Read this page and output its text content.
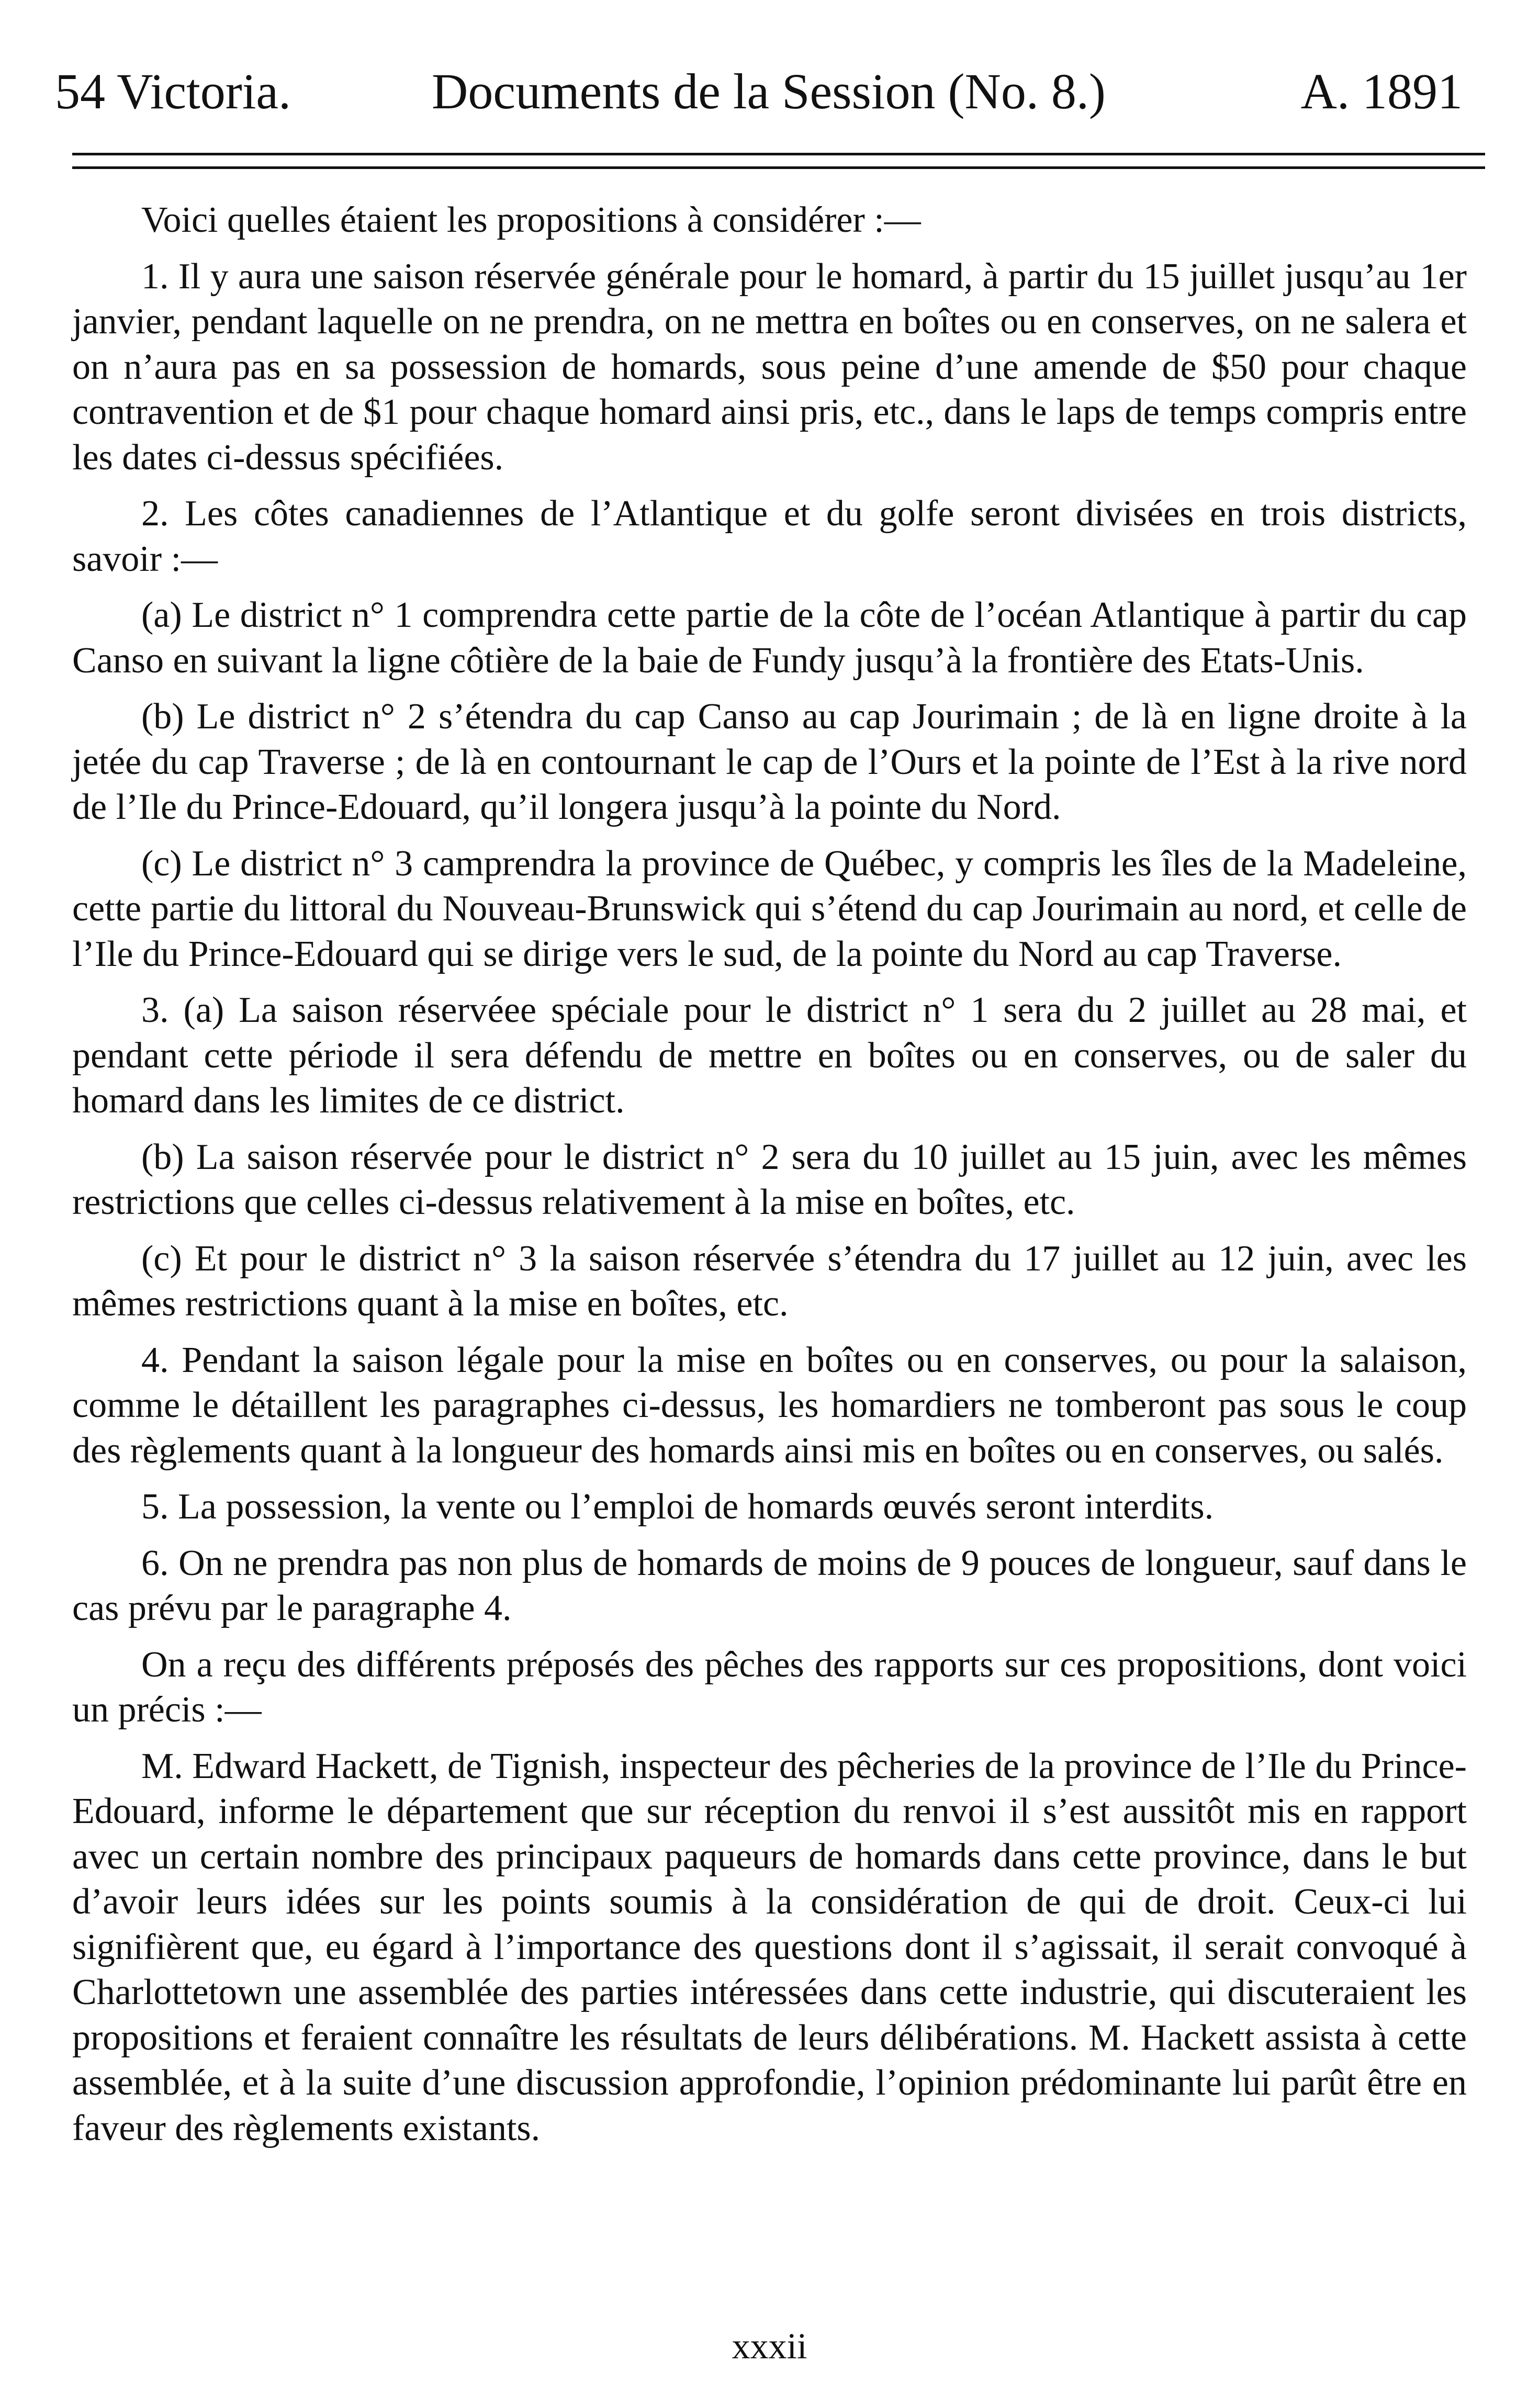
54 Victoria.	Documents de la Session (No. 8.)	A. 1891

Voici quelles étaient les propositions à considérer :—

1. Il y aura une saison réservée générale pour le homard, à partir du 15 juillet jusqu’au 1er janvier, pendant laquelle on ne prendra, on ne mettra en boîtes ou en conserves, on ne salera et on n’aura pas en sa possession de homards, sous peine d’une amende de $50 pour chaque contravention et de $1 pour chaque homard ainsi pris, etc., dans le laps de temps compris entre les dates ci-dessus spécifiées.

2. Les côtes canadiennes de l’Atlantique et du golfe seront divisées en trois districts, savoir :—

(a) Le district n° 1 comprendra cette partie de la côte de l’océan Atlantique à partir du cap Canso en suivant la ligne côtière de la baie de Fundy jusqu’à la frontière des Etats-Unis.

(b) Le district n° 2 s’étendra du cap Canso au cap Jourimain ; de là en ligne droite à la jetée du cap Traverse ; de là en contournant le cap de l’Ours et la pointe de l’Est à la rive nord de l’Ile du Prince-Edouard, qu’il longera jusqu’à la pointe du Nord.

(c) Le district n° 3 camprendra la province de Québec, y compris les îles de la Madeleine, cette partie du littoral du Nouveau-Brunswick qui s’étend du cap Jourimain au nord, et celle de l’Ile du Prince-Edouard qui se dirige vers le sud, de la pointe du Nord au cap Traverse.

3. (a) La saison réservéee spéciale pour le district n° 1 sera du 2 juillet au 28 mai, et pendant cette période il sera défendu de mettre en boîtes ou en conserves, ou de saler du homard dans les limites de ce district.

(b) La saison réservée pour le district n° 2 sera du 10 juillet au 15 juin, avec les mêmes restrictions que celles ci-dessus relativement à la mise en boîtes, etc.

(c) Et pour le district n° 3 la saison réservée s’étendra du 17 juillet au 12 juin, avec les mêmes restrictions quant à la mise en boîtes, etc.

4. Pendant la saison légale pour la mise en boîtes ou en conserves, ou pour la salaison, comme le détaillent les paragraphes ci-dessus, les homardiers ne tomberont pas sous le coup des règlements quant à la longueur des homards ainsi mis en boîtes ou en conserves, ou salés.

5. La possession, la vente ou l’emploi de homards œuvés seront interdits.

6. On ne prendra pas non plus de homards de moins de 9 pouces de longueur, sauf dans le cas prévu par le paragraphe 4.

On a reçu des différents préposés des pêches des rapports sur ces propositions, dont voici un précis :—

M. Edward Hackett, de Tignish, inspecteur des pêcheries de la province de l’Ile du Prince-Edouard, informe le département que sur réception du renvoi il s’est aussitôt mis en rapport avec un certain nombre des principaux paqueurs de homards dans cette province, dans le but d’avoir leurs idées sur les points soumis à la considération de qui de droit. Ceux-ci lui signifièrent que, eu égard à l’importance des questions dont il s’agissait, il serait convoqué à Charlottetown une assemblée des parties intéressées dans cette industrie, qui discuteraient les propositions et feraient connaître les résultats de leurs délibérations. M. Hackett assista à cette assemblée, et à la suite d’une discussion approfondie, l’opinion prédominante lui parût être en faveur des règlements existants.

xxxii
